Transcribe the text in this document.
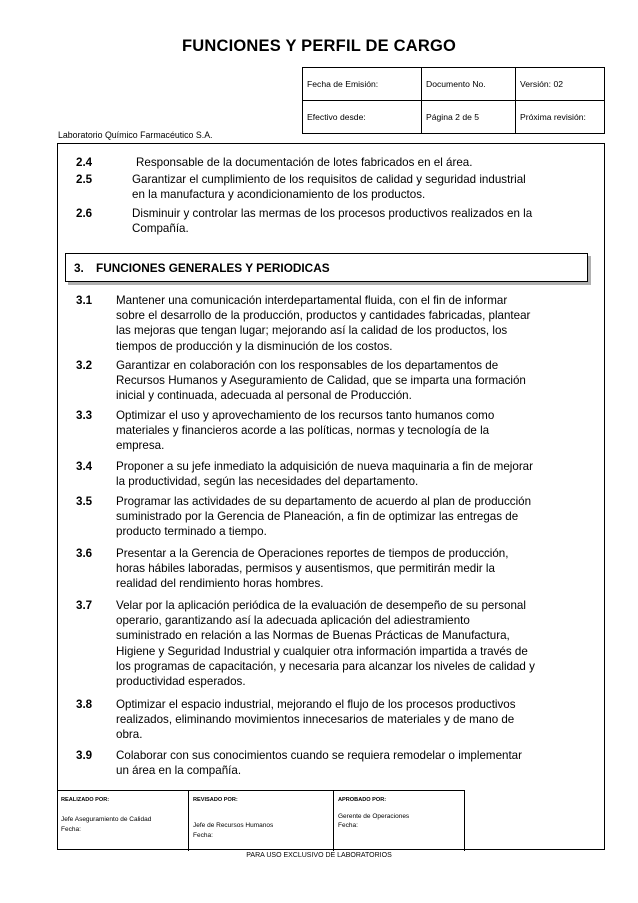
FUNCIONES Y PERFIL DE CARGO
Fecha de Emisión:	Documento No.	Versión: 02
Efectivo desde:	Página 2 de 5	Próxima revisión:
Laboratorio Químico Farmacéutico S.A.
2.4	Responsable de la documentación de lotes fabricados en el área.
2.5	Garantizar el cumplimiento de los requisitos de calidad y seguridad industrial
en la manufactura y acondicionamiento de los productos.
2.6	Disminuir y controlar las mermas de los procesos productivos realizados en la
Compañía.
3. FUNCIONES GENERALES Y PERIODICAS
3.1 Mantener una comunicación interdepartamental fluida, con el fin de informar
sobre el desarrollo de la producción, productos y cantidades fabricadas, plantear
las mejoras que tengan lugar; mejorando así la calidad de los productos, los
tiempos de producción y la disminución de los costos.
3.2 Garantizar en colaboración con los responsables de los departamentos de
Recursos Humanos y Aseguramiento de Calidad, que se imparta una formación
inicial y continuada, adecuada al personal de Producción.
3.3 Optimizar el uso y aprovechamiento de los recursos tanto humanos como
materiales y financieros acorde a las políticas, normas y tecnología de la
empresa.
3.4 Proponer a su jefe inmediato la adquisición de nueva maquinaria a fin de mejorar
la productividad, según las necesidades del departamento.
3.5 Programar las actividades de su departamento de acuerdo al plan de producción
suministrado por la Gerencia de Planeación, a fin de optimizar las entregas de
producto terminado a tiempo.
3.6 Presentar a la Gerencia de Operaciones reportes de tiempos de producción,
horas hábiles laboradas, permisos y ausentismos, que permitirán medir la
realidad del rendimiento horas hombres.
3.7 Velar por la aplicación periódica de la evaluación de desempeño de su personal
operario, garantizando así la adecuada aplicación del adiestramiento
suministrado en relación a las Normas de Buenas Prácticas de Manufactura,
Higiene y Seguridad Industrial y cualquier otra información impartida a través de
los programas de capacitación, y necesaria para alcanzar los niveles de calidad y
productividad esperados.
3.8 Optimizar el espacio industrial, mejorando el flujo de los procesos productivos
realizados, eliminando movimientos innecesarios de materiales y de mano de
obra.
3.9 Colaborar con sus conocimientos cuando se requiera remodelar o implementar
un área en la compañía.
REALIZADO POR:
Jefe Aseguramiento de Calidad
Fecha:
REVISADO POR:
Jefe de Recursos Humanos
Fecha:
APROBADO POR:
Gerente de Operaciones
Fecha:
PARA USO EXCLUSIVO DE LABORATORIOS
